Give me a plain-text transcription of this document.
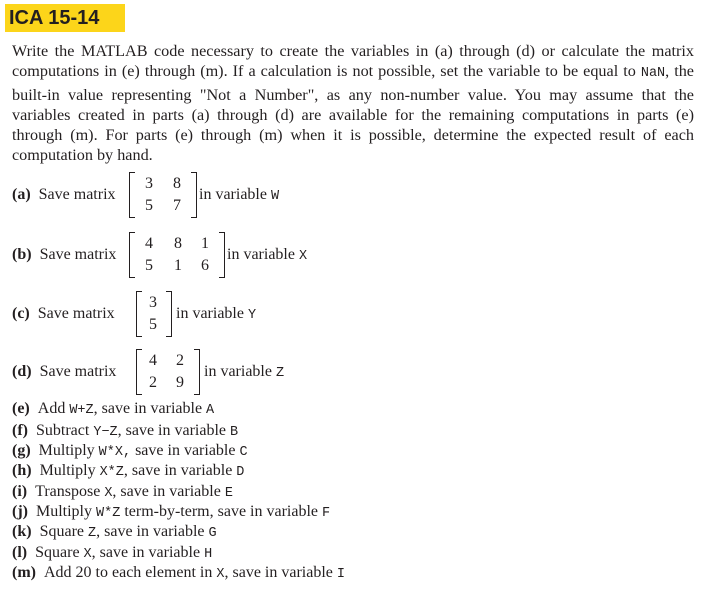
ICA 15-14

Write the MATLAB code necessary to create the variables in (a) through (d) or calculate the matrix computations in (e) through (m). If a calculation is not possible, set the variable to be equal to NaN, the built-in value representing "Not a Number", as any non-number value. You may assume that the variables created in parts (a) through (d) are available for the remaining computations in parts (e) through (m). For parts (e) through (m) when it is possible, determine the expected result of each computation by hand.

(a) Save matrix
3 8
5 7
in variable W
(b) Save matrix
4 8 1
5 1 6
in variable X
(c) Save matrix
3
5
in variable Y
(d) Save matrix
4 2
2 9
in variable Z
(e) Add W+Z, save in variable A
(f) Subtract Y−Z, save in variable B
(g) Multiply W*X, save in variable C
(h) Multiply X*Z, save in variable D
(i) Transpose X, save in variable E
(j) Multiply W*Z term-by-term, save in variable F
(k) Square Z, save in variable G
(l) Square X, save in variable H
(m) Add 20 to each element in X, save in variable I
